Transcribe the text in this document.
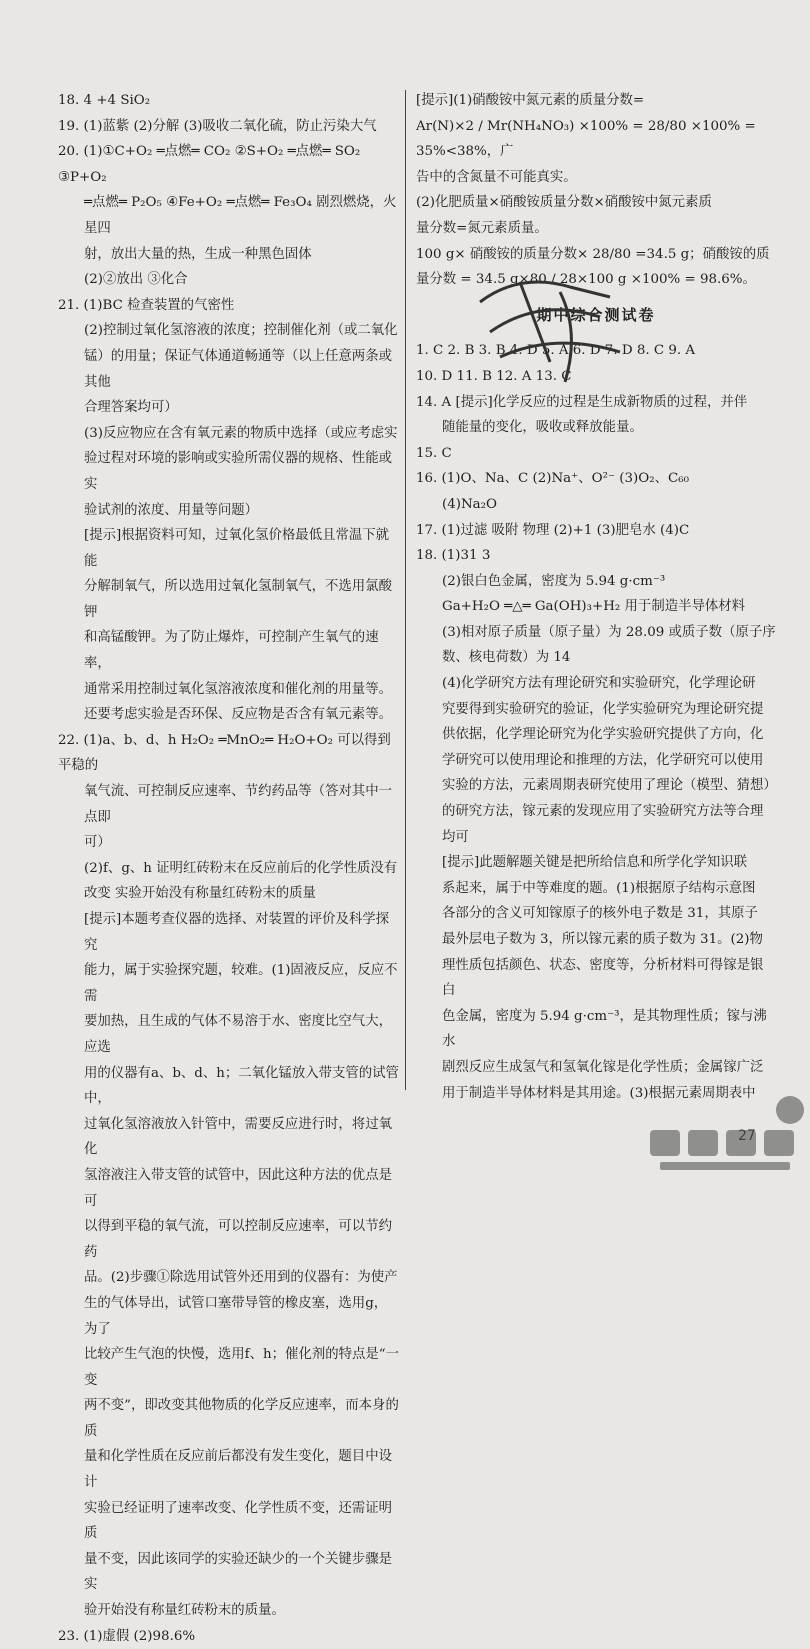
18. 4 +4 SiO₂

19. (1)蓝紫 (2)分解 (3)吸收二氧化硫，防止污染大气

20. (1)①C+O₂ ═点燃═ CO₂ ②S+O₂ ═点燃═ SO₂ ③P+O₂

═点燃═ P₂O₅ ④Fe+O₂ ═点燃═ Fe₃O₄ 剧烈燃烧，火星四

射，放出大量的热，生成一种黑色固体

(2)②放出 ③化合

21. (1)BC 检查装置的气密性

(2)控制过氧化氢溶液的浓度；控制催化剂（或二氧化

锰）的用量；保证气体通道畅通等（以上任意两条或其他

合理答案均可）

(3)反应物应在含有氧元素的物质中选择（或应考虑实

验过程对环境的影响或实验所需仪器的规格、性能或实

验试剂的浓度、用量等问题）

[提示]根据资料可知，过氧化氢价格最低且常温下就能

分解制氧气，所以选用过氧化氢制氧气，不选用氯酸钾

和高锰酸钾。为了防止爆炸，可控制产生氧气的速率，

通常采用控制过氧化氢溶液浓度和催化剂的用量等。

还要考虑实验是否环保、反应物是否含有氧元素等。

22. (1)a、b、d、h H₂O₂ ═MnO₂═ H₂O+O₂ 可以得到平稳的

氧气流、可控制反应速率、节约药品等（答对其中一点即

可）

(2)f、g、h 证明红砖粉末在反应前后的化学性质没有

改变 实验开始没有称量红砖粉末的质量

[提示]本题考查仪器的选择、对装置的评价及科学探究

能力，属于实验探究题，较难。(1)固液反应，反应不需

要加热，且生成的气体不易溶于水、密度比空气大，应选

用的仪器有a、b、d、h；二氧化锰放入带支管的试管中，

过氧化氢溶液放入针管中，需要反应进行时，将过氧化

氢溶液注入带支管的试管中，因此这种方法的优点是可

以得到平稳的氧气流，可以控制反应速率，可以节约药

品。(2)步骤①除选用试管外还用到的仪器有：为使产

生的气体导出，试管口塞带导管的橡皮塞，选用g，为了

比较产生气泡的快慢，选用f、h；催化剂的特点是“一变

两不变”，即改变其他物质的化学反应速率，而本身的质

量和化学性质在反应前后都没有发生变化，题目中设计

实验已经证明了速率改变、化学性质不变，还需证明质

量不变，因此该同学的实验还缺少的一个关键步骤是实

验开始没有称量红砖粉末的质量。

23. (1)虚假 (2)98.6%

[提示](1)硝酸铵中氮元素的质量分数=

Ar(N)×2 / Mr(NH₄NO₃) ×100% = 28/80 ×100% = 35%<38%，广

告中的含氮量不可能真实。

(2)化肥质量×硝酸铵质量分数×硝酸铵中氮元素质

量分数=氮元素质量。

100 g× 硝酸铵的质量分数× 28/80 =34.5 g；硝酸铵的质

量分数 = 34.5 g×80 / 28×100 g ×100% = 98.6%。

期中综合测试卷

1. C 2. B 3. B 4. D 5. A 6. D 7. D 8. C 9. A

10. D 11. B 12. A 13. C

14. A [提示]化学反应的过程是生成新物质的过程，并伴

随能量的变化，吸收或释放能量。

15. C

16. (1)O、Na、C (2)Na⁺、O²⁻ (3)O₂、C₆₀

(4)Na₂O

17. (1)过滤 吸附 物理 (2)+1 (3)肥皂水 (4)C

18. (1)31 3

(2)银白色金属，密度为 5.94 g·cm⁻³

Ga+H₂O ═△═ Ga(OH)₃+H₂ 用于制造半导体材料

(3)相对原子质量（原子量）为 28.09 或质子数（原子序

数、核电荷数）为 14

(4)化学研究方法有理论研究和实验研究，化学理论研

究要得到实验研究的验证，化学实验研究为理论研究提

供依据，化学理论研究为化学实验研究提供了方向，化

学研究可以使用理论和推理的方法，化学研究可以使用

实验的方法，元素周期表研究使用了理论（模型、猜想）

的研究方法，镓元素的发现应用了实验研究方法等合理

均可

[提示]此题解题关键是把所给信息和所学化学知识联

系起来，属于中等难度的题。(1)根据原子结构示意图

各部分的含义可知镓原子的核外电子数是 31，其原子

最外层电子数为 3，所以镓元素的质子数为 31。(2)物

理性质包括颜色、状态、密度等，分析材料可得镓是银白

色金属，密度为 5.94 g·cm⁻³，是其物理性质；镓与沸水

剧烈反应生成氢气和氢氧化镓是化学性质；金属镓广泛

用于制造半导体材料是其用途。(3)根据元素周期表中
